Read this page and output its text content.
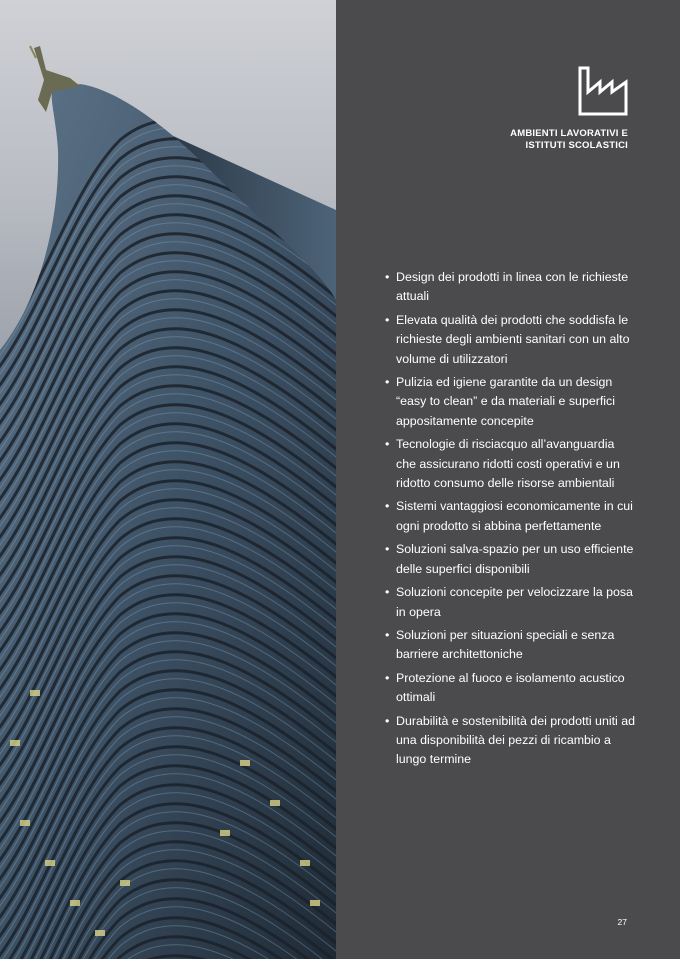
AMBIENTI LAVORATIVI E
ISTITUTI SCOLASTICI
• Design dei prodotti in linea con le richieste attuali
• Elevata qualità dei prodotti che soddisfa le richieste degli ambienti sanitari con un alto volume di utilizzatori
• Pulizia ed igiene garantite da un design “easy to clean” e da materiali e superfici appositamente concepite
• Tecnologie di risciacquo all’avanguardia che assicurano ridotti costi operativi e un ridotto consumo delle risorse ambientali
• Sistemi vantaggiosi economicamente in cui ogni prodotto si abbina perfettamente
• Soluzioni salva-spazio per un uso efficiente delle superfici disponibili
• Soluzioni concepite per velocizzare la posa in opera
• Soluzioni per situazioni speciali e senza barriere architettoniche
• Protezione al fuoco e isolamento acustico ottimali
• Durabilità e sostenibilità dei prodotti uniti ad una disponibilità dei pezzi di ricambio a lungo termine
27
